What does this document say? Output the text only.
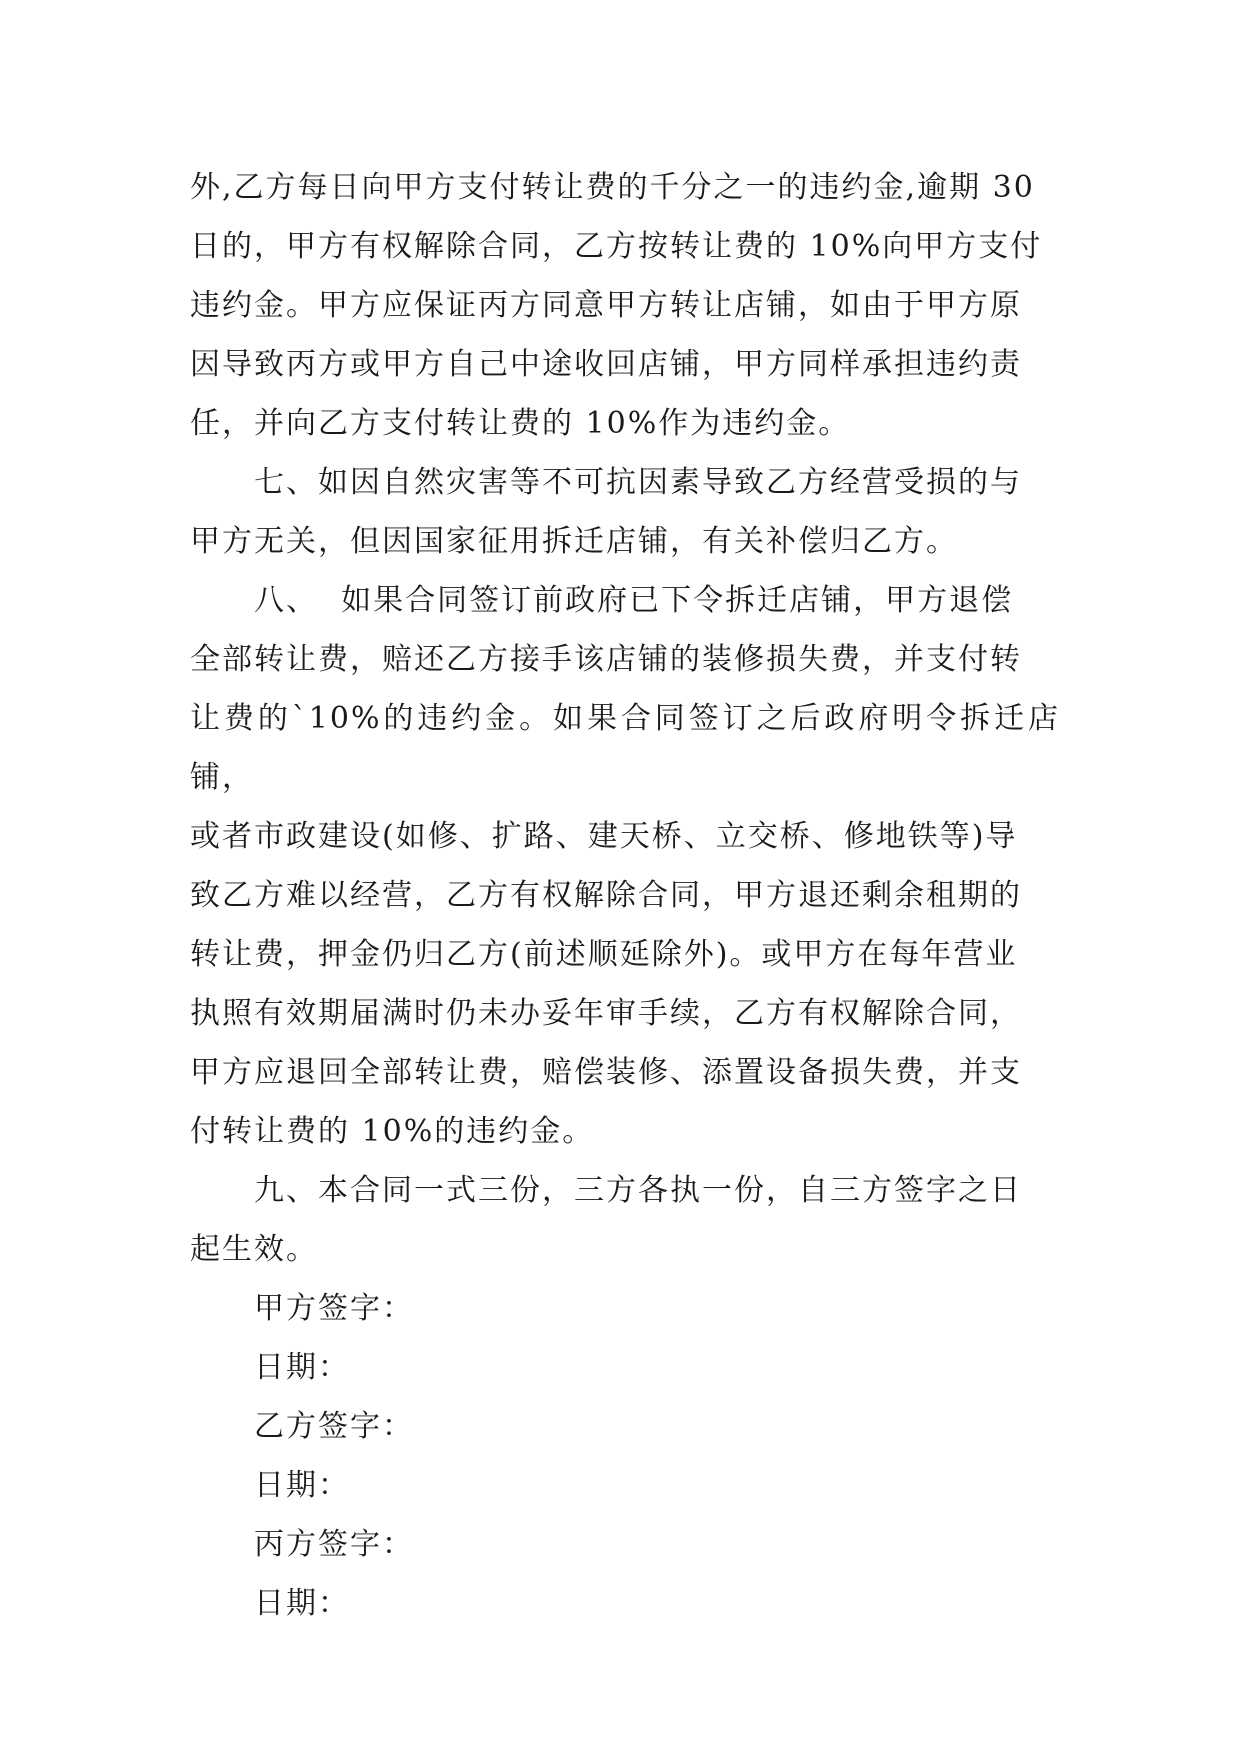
外,乙方每日向甲方支付转让费的千分之一的违约金,逾期 30
日的，甲方有权解除合同，乙方按转让费的 10%向甲方支付
违约金。甲方应保证丙方同意甲方转让店铺，如由于甲方原
因导致丙方或甲方自己中途收回店铺，甲方同样承担违约责
任，并向乙方支付转让费的 10%作为违约金。
七、如因自然灾害等不可抗因素导致乙方经营受损的与
甲方无关，但因国家征用拆迁店铺，有关补偿归乙方。
八、  如果合同签订前政府已下令拆迁店铺，甲方退偿
全部转让费，赔还乙方接手该店铺的装修损失费，并支付转
让费的`10%的违约金。如果合同签订之后政府明令拆迁店铺，
或者市政建设(如修、扩路、建天桥、立交桥、修地铁等)导
致乙方难以经营，乙方有权解除合同，甲方退还剩余租期的
转让费，押金仍归乙方(前述顺延除外)。或甲方在每年营业
执照有效期届满时仍未办妥年审手续，乙方有权解除合同，
甲方应退回全部转让费，赔偿装修、添置设备损失费，并支
付转让费的 10%的违约金。
九、本合同一式三份，三方各执一份，自三方签字之日
起生效。
甲方签字：
日期：
乙方签字：
日期：
丙方签字：
日期：
